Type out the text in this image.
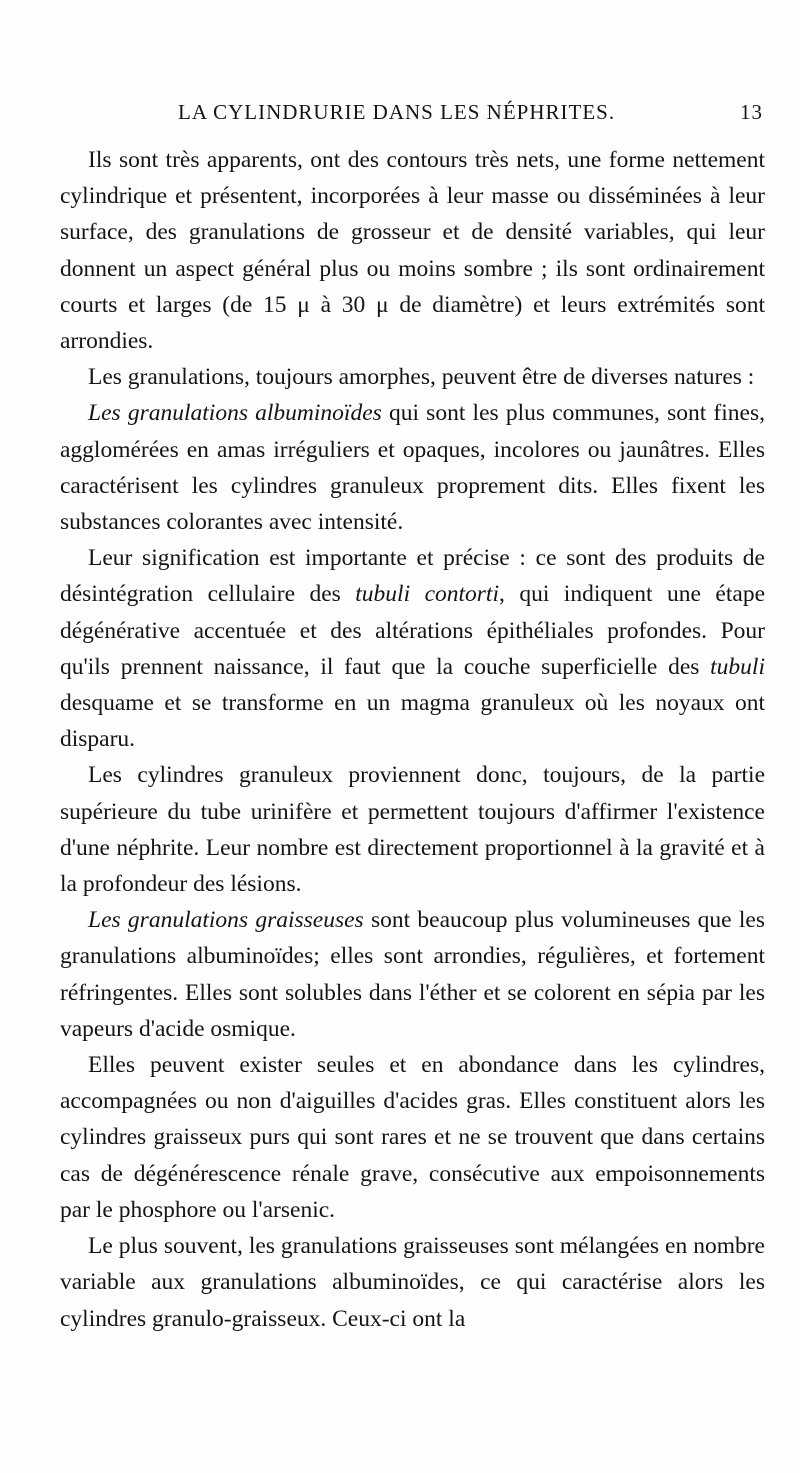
LA CYLINDRURIE DANS LES NÉPHRITES.	13

Ils sont très apparents, ont des contours très nets, une forme nettement cylindrique et présentent, incorporées à leur masse ou disséminées à leur surface, des granulations de grosseur et de densité variables, qui leur donnent un aspect général plus ou moins sombre ; ils sont ordinairement courts et larges (de 15 μ à 30 μ de diamètre) et leurs extrémités sont arrondies.

Les granulations, toujours amorphes, peuvent être de diverses natures :

Les granulations albuminoïdes qui sont les plus communes, sont fines, agglomérées en amas irréguliers et opaques, incolores ou jaunâtres. Elles caractérisent les cylindres granuleux proprement dits. Elles fixent les substances colorantes avec intensité.

Leur signification est importante et précise : ce sont des produits de désintégration cellulaire des tubuli contorti, qui indiquent une étape dégénérative accentuée et des altérations épithéliales profondes. Pour qu'ils prennent naissance, il faut que la couche superficielle des tubuli desquame et se transforme en un magma granuleux où les noyaux ont disparu.

Les cylindres granuleux proviennent donc, toujours, de la partie supérieure du tube urinifère et permettent toujours d'affirmer l'existence d'une néphrite. Leur nombre est directement proportionnel à la gravité et à la profondeur des lésions.

Les granulations graisseuses sont beaucoup plus volumineuses que les granulations albuminoïdes; elles sont arrondies, régulières, et fortement réfringentes. Elles sont solubles dans l'éther et se colorent en sépia par les vapeurs d'acide osmique.

Elles peuvent exister seules et en abondance dans les cylindres, accompagnées ou non d'aiguilles d'acides gras. Elles constituent alors les cylindres graisseux purs qui sont rares et ne se trouvent que dans certains cas de dégénérescence rénale grave, consécutive aux empoisonnements par le phosphore ou l'arsenic.

Le plus souvent, les granulations graisseuses sont mélangées en nombre variable aux granulations albuminoïdes, ce qui caractérise alors les cylindres granulo-graisseux. Ceux-ci ont la
